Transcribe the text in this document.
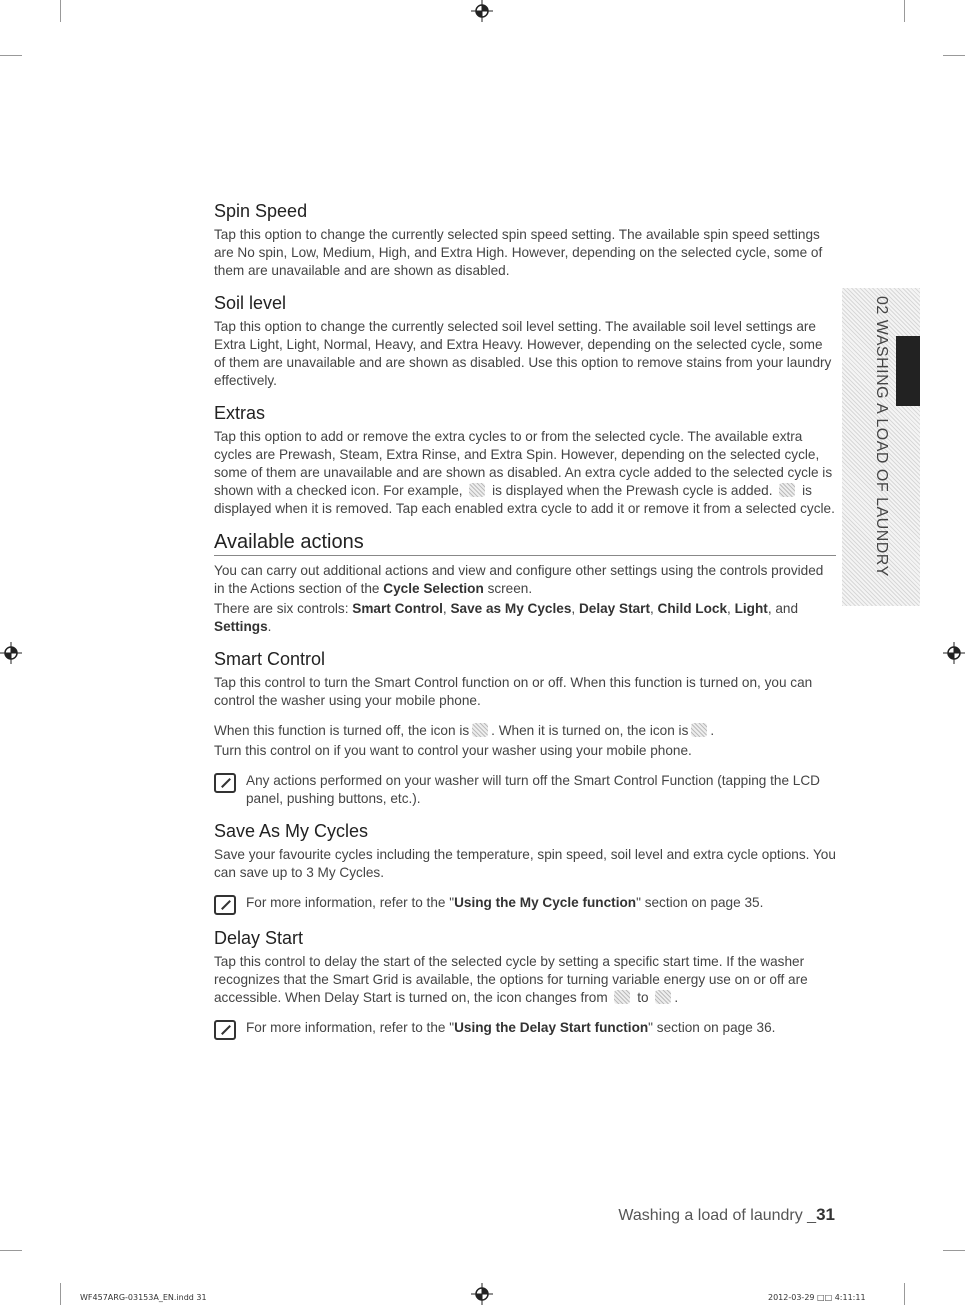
02 WASHING A LOAD OF LAUNDRY
Spin Speed

Tap this option to change the currently selected spin speed setting. The available spin speed settings are No spin, Low, Medium, High, and Extra High. However, depending on the selected cycle, some of them are unavailable and are shown as disabled.

Soil level

Tap this option to change the currently selected soil level setting. The available soil level settings are Extra Light, Light, Normal, Heavy, and Extra Heavy. However, depending on the selected cycle, some of them are unavailable and are shown as disabled. Use this option to remove stains from your laundry effectively.

Extras

Tap this option to add or remove the extra cycles to or from the selected cycle. The available extra cycles are Prewash, Steam, Extra Rinse, and Extra Spin. However, depending on the selected cycle, some of them are unavailable and are shown as disabled. An extra cycle added to the selected cycle is shown with a checked icon. For example, is displayed when the Prewash cycle is added. is displayed when it is removed. Tap each enabled extra cycle to add it or remove it from a selected cycle.

Available actions

You can carry out additional actions and view and configure other settings using the controls provided in the Actions section of the Cycle Selection screen.

There are six controls: Smart Control, Save as My Cycles, Delay Start, Child Lock, Light, and Settings.

Smart Control

Tap this control to turn the Smart Control function on or off. When this function is turned on, you can control the washer using your mobile phone.

When this function is turned off, the icon is . When it is turned on, the icon is .

Turn this control on if you want to control your washer using your mobile phone.

Any actions performed on your washer will turn off the Smart Control Function (tapping the LCD panel, pushing buttons, etc.).

Save As My Cycles

Save your favourite cycles including the temperature, spin speed, soil level and extra cycle options. You can save up to 3 My Cycles.

For more information, refer to the "Using the My Cycle function" section on page 35.

Delay Start

Tap this control to delay the start of the selected cycle by setting a specific start time. If the washer recognizes that the Smart Grid is available, the options for turning variable energy use on or off are accessible. When Delay Start is turned on, the icon changes from to .

For more information, refer to the "Using the Delay Start function" section on page 36.

Washing a load of laundry _31
WF457ARG-03153A_EN.indd 31	2012-03-29 □□ 4:11:11
